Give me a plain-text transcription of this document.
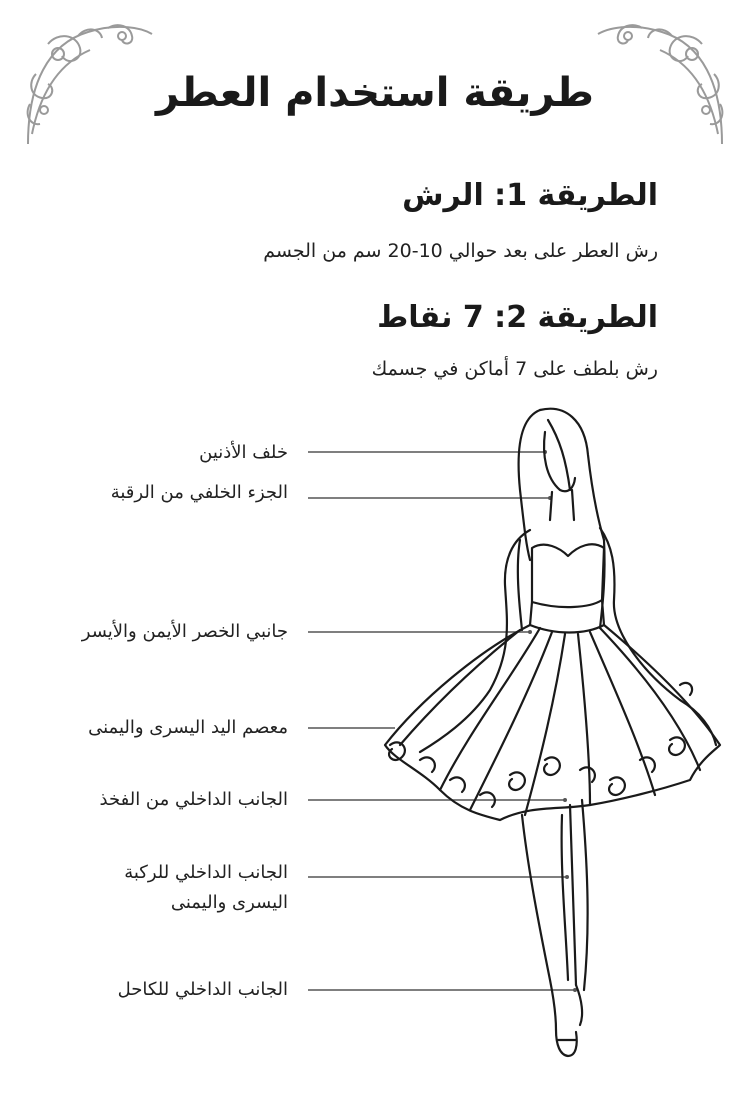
طريقة استخدام العطر
الطريقة 1: الرش

رش العطر على بعد حوالي 10-20 سم من الجسم

الطريقة 2: 7 نقاط

رش بلطف على 7 أماكن في جسمك

خلف الأذنين
الجزء الخلفي من الرقبة
جانبي الخصر الأيمن والأيسر
معصم اليد اليسرى واليمنى
الجانب الداخلي من الفخذ
الجانب الداخلي للركبة
اليسرى واليمنى
الجانب الداخلي للكاحل
